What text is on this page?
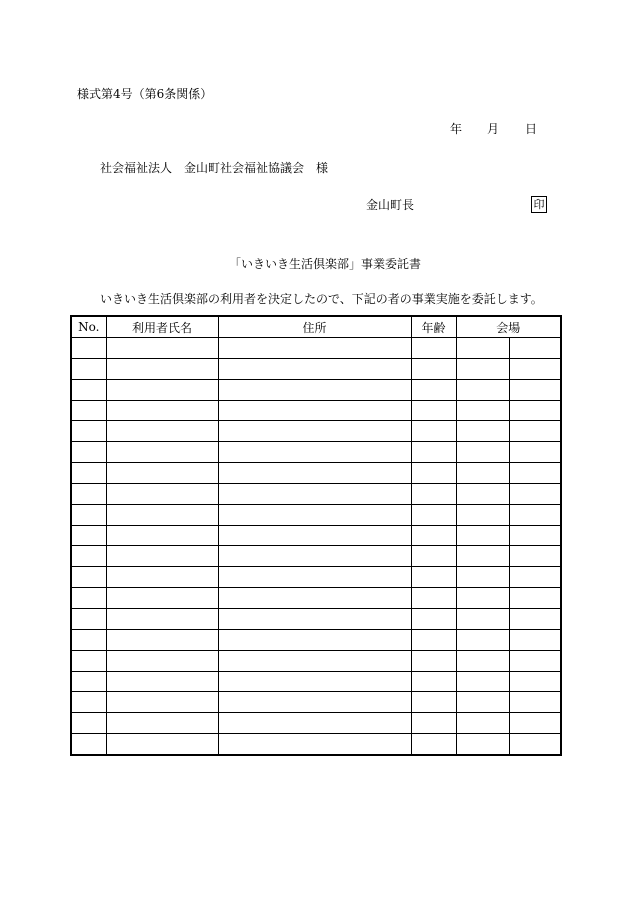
様式第4号（第6条関係）
年 月 日
社会福祉法人　金山町社会福祉協議会　様
金山町長	印
「いきいき生活倶楽部」事業委託書
いきいき生活倶楽部の利用者を決定したので、下記の者の事業実施を委託します。
No.	利用者氏名	住所	年齢	会場	
